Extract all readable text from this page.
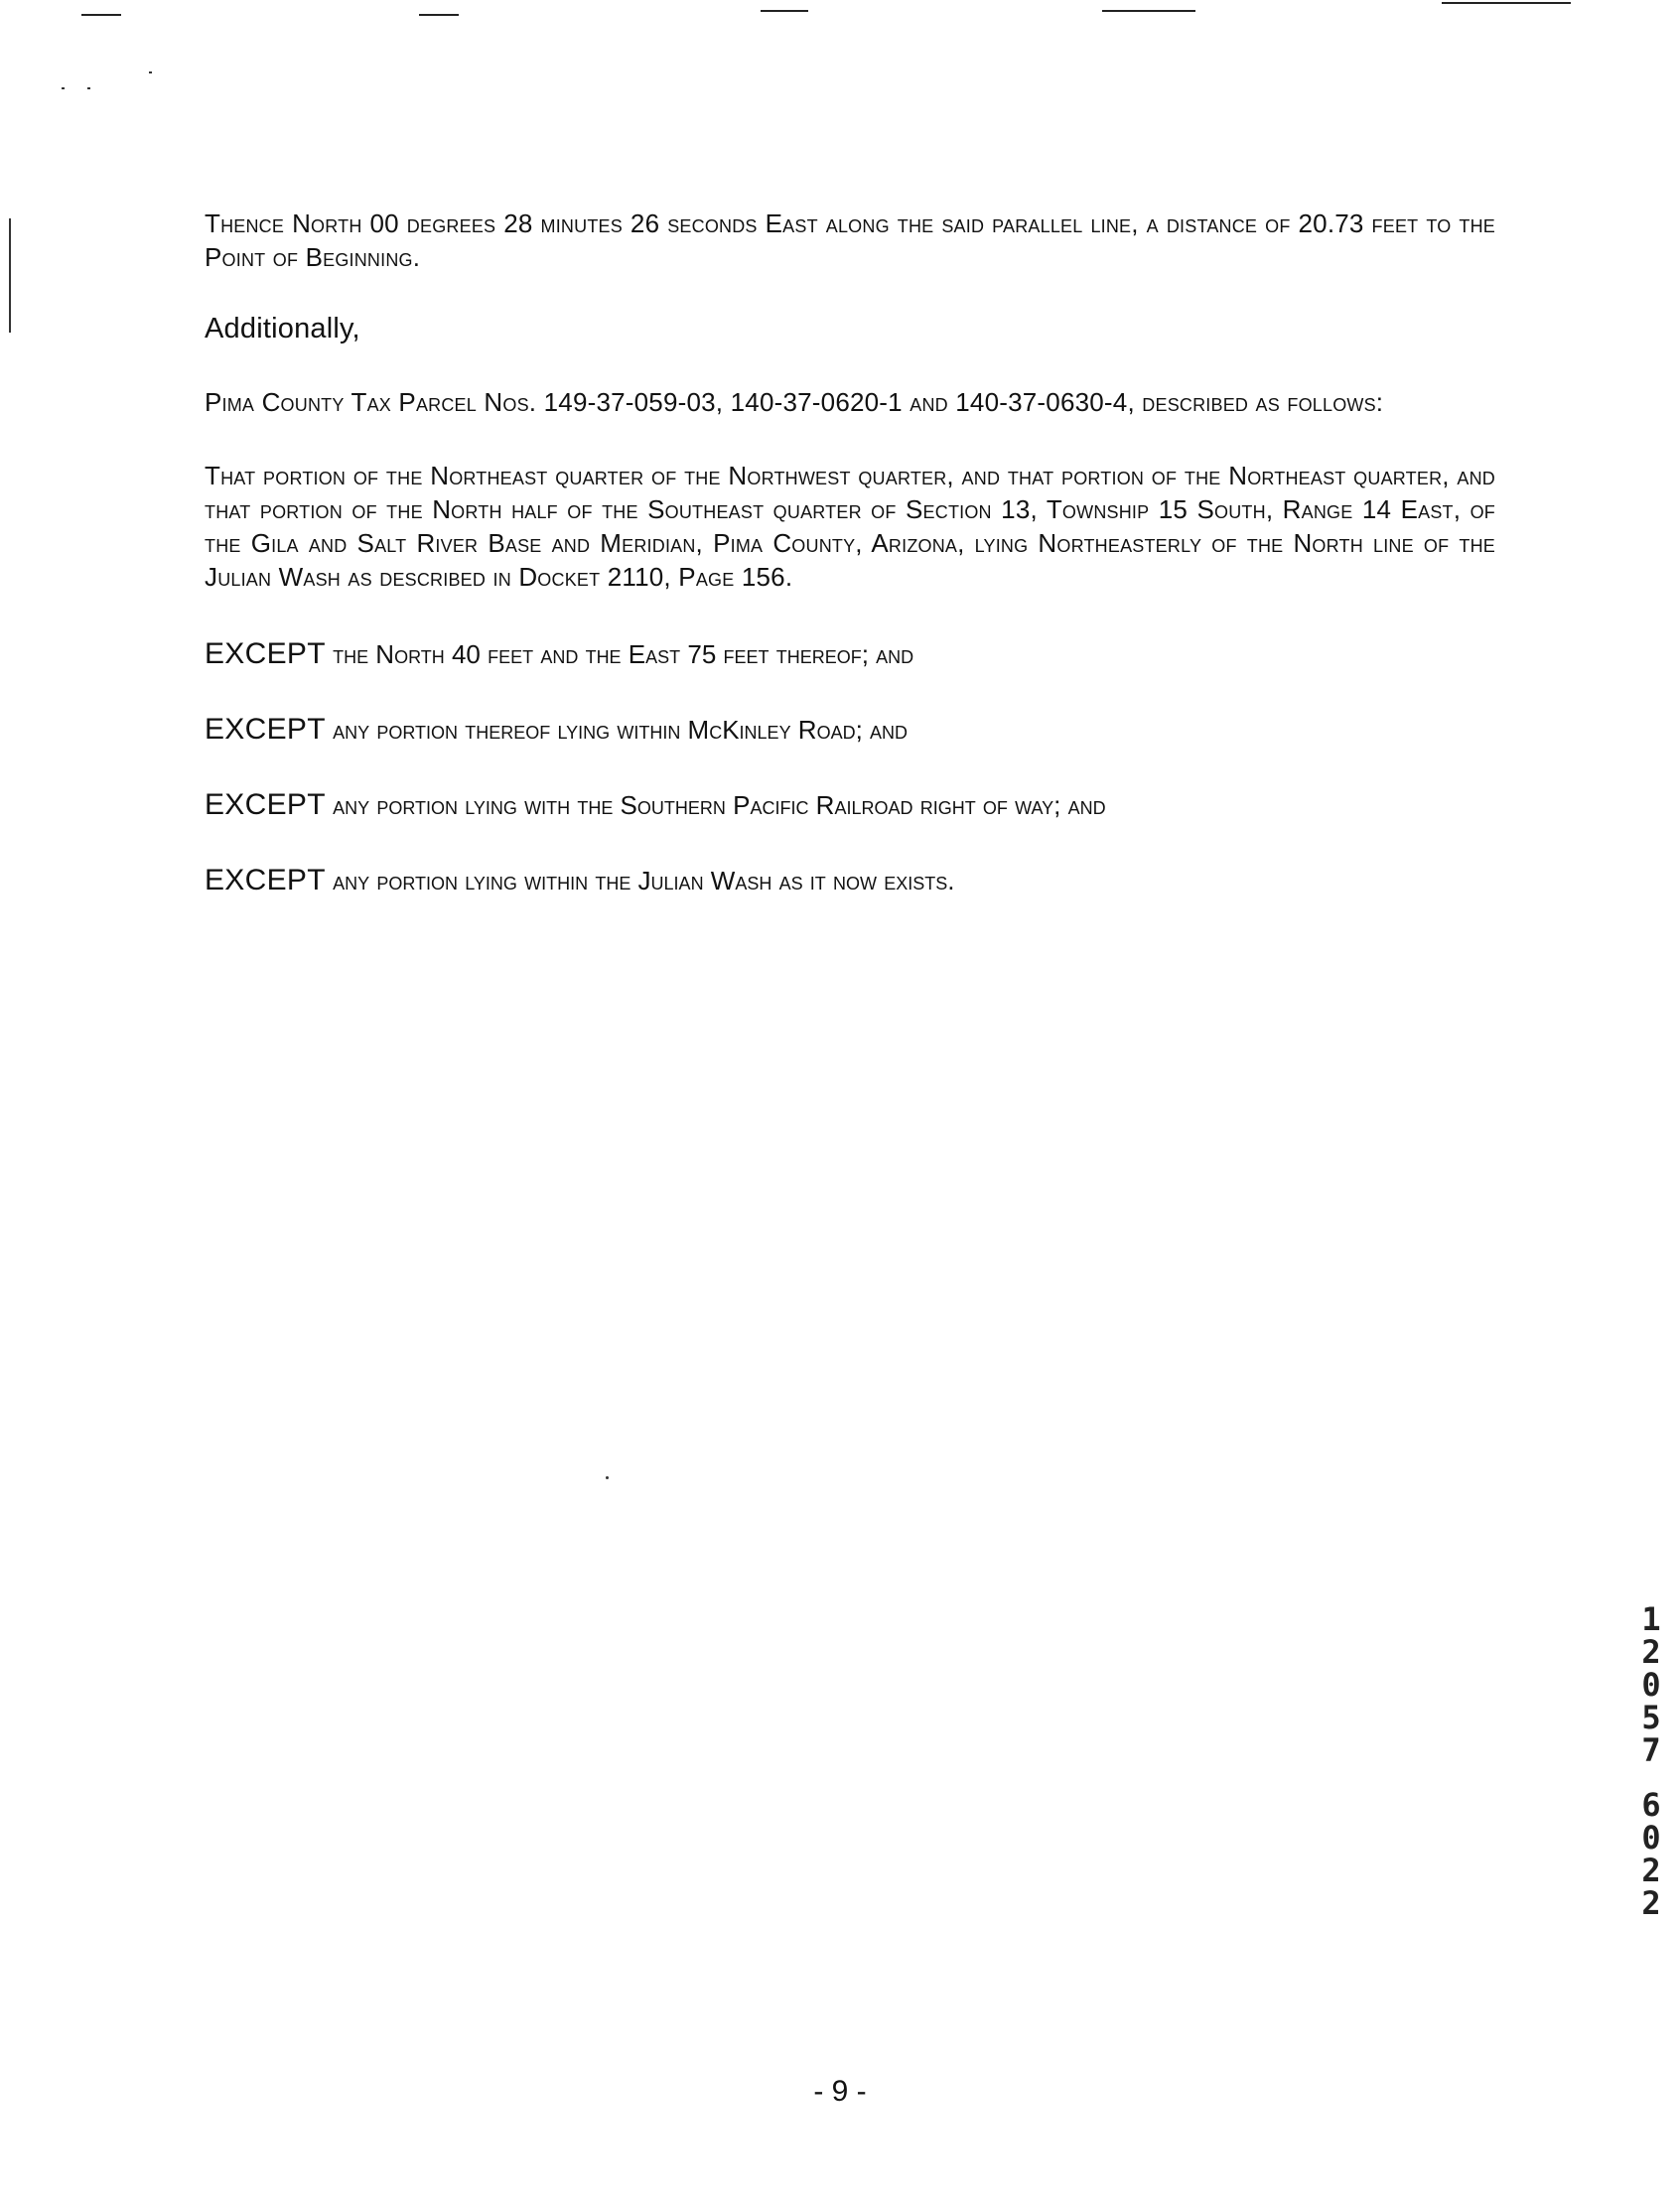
Thence North 00 degrees 28 minutes 26 seconds East along the said parallel line, a distance of 20.73 feet to the Point of Beginning.

Additionally,

Pima County Tax Parcel Nos. 149-37-059-03, 140-37-0620-1 and 140-37-0630-4, described as follows:

That portion of the Northeast quarter of the Northwest quarter, and that portion of the Northeast quarter, and that portion of the North half of the Southeast quarter of Section 13, Township 15 South, Range 14 East, of the Gila and Salt River Base and Meridian, Pima County, Arizona, lying Northeasterly of the North line of the Julian Wash as described in Docket 2110, Page 156.

EXCEPT the North 40 feet and the East 75 feet thereof; and
EXCEPT any portion thereof lying within McKinley Road; and
EXCEPT any portion lying with the Southern Pacific Railroad right of way; and
EXCEPT any portion lying within the Julian Wash as it now exists.
1
2
0
5
7
6
0
2
2
- 9 -
